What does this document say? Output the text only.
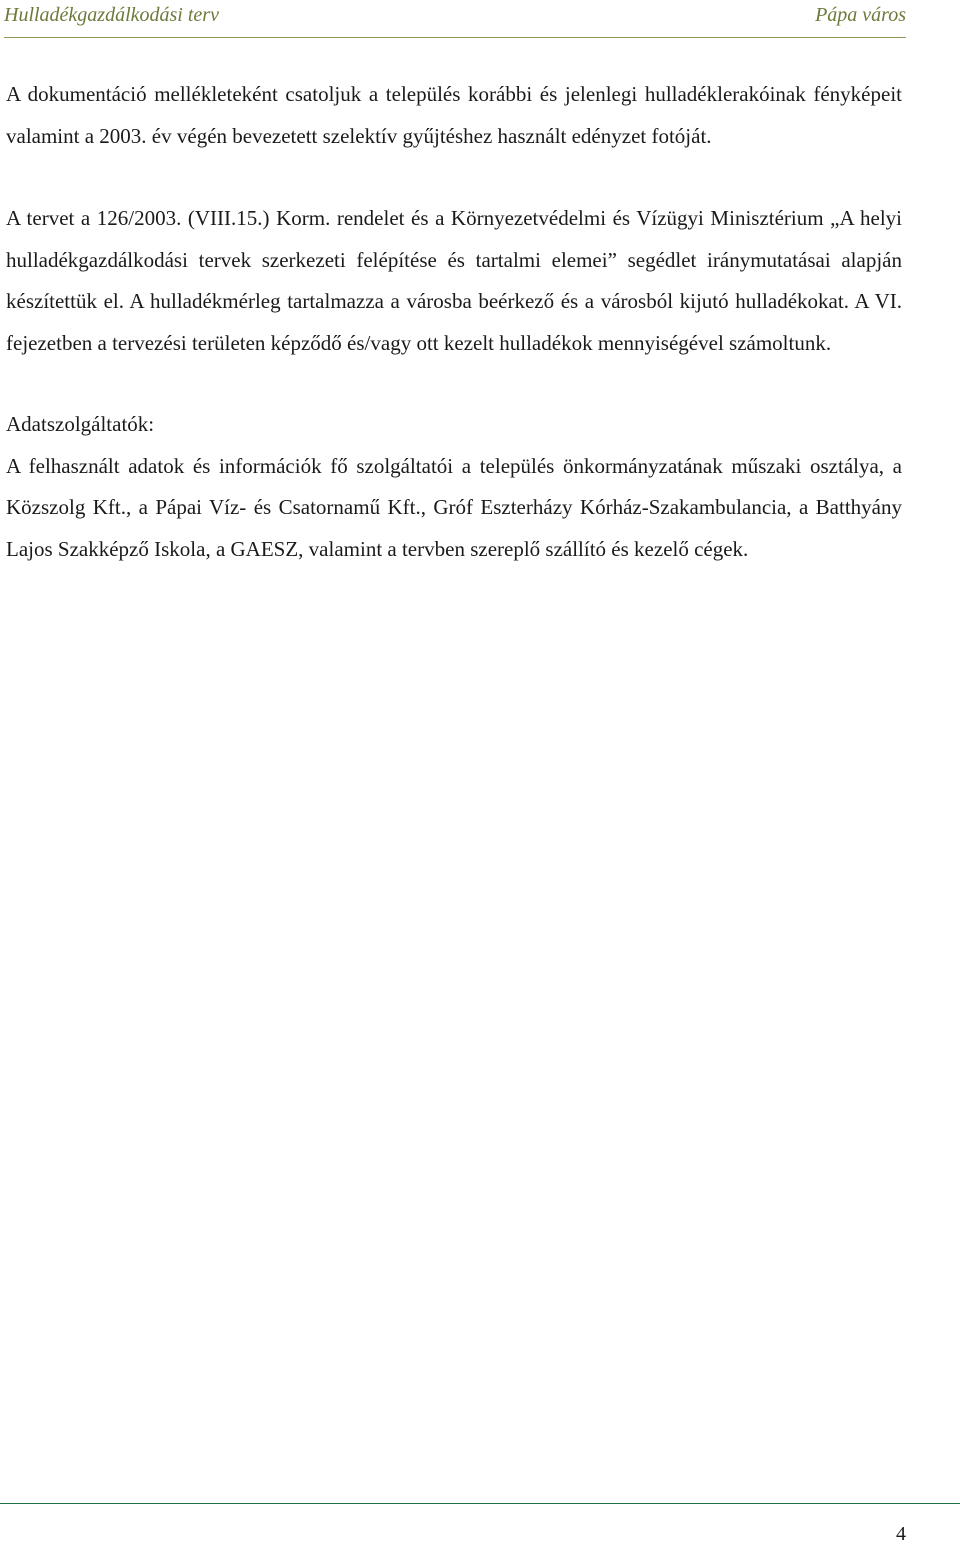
Hulladékgazdálkodási terv	Pápa város

A dokumentáció mellékleteként csatoljuk a település korábbi és jelenlegi hulladéklerakóinak fényképeit valamint a 2003. év végén bevezetett szelektív gyűjtéshez használt edényzet fotóját.

A tervet a 126/2003. (VIII.15.) Korm. rendelet és a Környezetvédelmi és Vízügyi Minisztérium „A helyi hulladékgazdálkodási tervek szerkezeti felépítése és tartalmi elemei” segédlet iránymutatásai alapján készítettük el. A hulladékmérleg tartalmazza a városba beérkező és a városból kijutó hulladékokat. A VI. fejezetben a tervezési területen képződő és/vagy ott kezelt hulladékok mennyiségével számoltunk.

Adatszolgáltatók:

A felhasznált adatok és információk fő szolgáltatói a település önkormányzatának műszaki osztálya, a Közszolg Kft., a Pápai Víz- és Csatornamű Kft., Gróf Eszterházy Kórház-Szakambulancia, a Batthyány Lajos Szakképző Iskola, a GAESZ, valamint a tervben szereplő szállító és kezelő cégek.

4
